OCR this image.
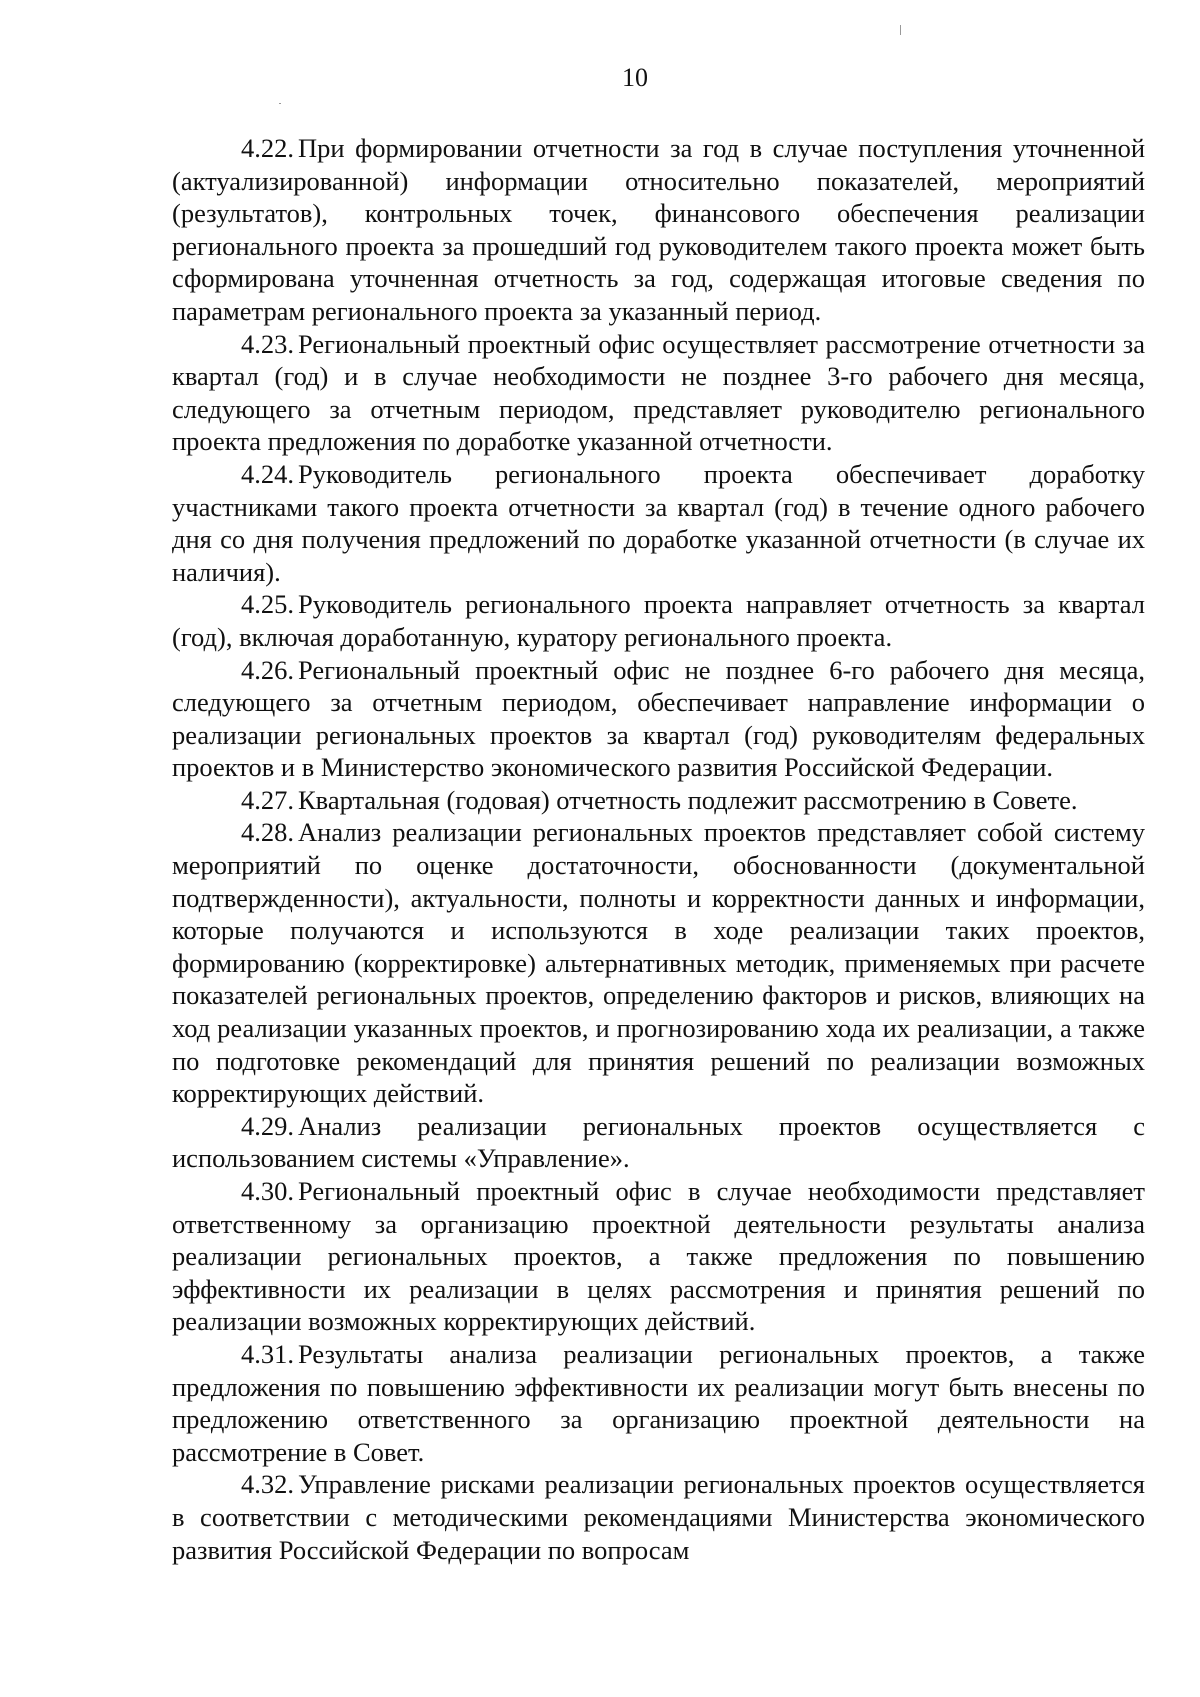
10

4.22. При формировании отчетности за год в случае поступления уточненной (актуализированной) информации относительно показателей, мероприятий (результатов), контрольных точек, финансового обеспечения реализации регионального проекта за прошедший год руководителем такого проекта может быть сформирована уточненная отчетность за год, содержащая итоговые сведения по параметрам регионального проекта за указанный период.

4.23. Региональный проектный офис осуществляет рассмотрение отчетности за квартал (год) и в случае необходимости не позднее 3-го рабочего дня месяца, следующего за отчетным периодом, представляет руководителю регионального проекта предложения по доработке указанной отчетности.

4.24. Руководитель регионального проекта обеспечивает доработку участниками такого проекта отчетности за квартал (год) в течение одного рабочего дня со дня получения предложений по доработке указанной отчетности (в случае их наличия).

4.25. Руководитель регионального проекта направляет отчетность за квартал (год), включая доработанную, куратору регионального проекта.

4.26. Региональный проектный офис не позднее 6-го рабочего дня месяца, следующего за отчетным периодом, обеспечивает направление информации о реализации региональных проектов за квартал (год) руководителям федеральных проектов и в Министерство экономического развития Российской Федерации.

4.27. Квартальная (годовая) отчетность подлежит рассмотрению в Совете.

4.28. Анализ реализации региональных проектов представляет собой систему мероприятий по оценке достаточности, обоснованности (документальной подтвержденности), актуальности, полноты и корректности данных и информации, которые получаются и используются в ходе реализации таких проектов, формированию (корректировке) альтернативных методик, применяемых при расчете показателей региональных проектов, определению факторов и рисков, влияющих на ход реализации указанных проектов, и прогнозированию хода их реализации, а также по подготовке рекомендаций для принятия решений по реализации возможных корректирующих действий.

4.29. Анализ реализации региональных проектов осуществляется с использованием системы «Управление».

4.30. Региональный проектный офис в случае необходимости представляет ответственному за организацию проектной деятельности результаты анализа реализации региональных проектов, а также предложения по повышению эффективности их реализации в целях рассмотрения и принятия решений по реализации возможных корректирующих действий.

4.31. Результаты анализа реализации региональных проектов, а также предложения по повышению эффективности их реализации могут быть внесены по предложению ответственного за организацию проектной деятельности на рассмотрение в Совет.

4.32. Управление рисками реализации региональных проектов осуществляется в соответствии с методическими рекомендациями Министерства экономического развития Российской Федерации по вопросам
